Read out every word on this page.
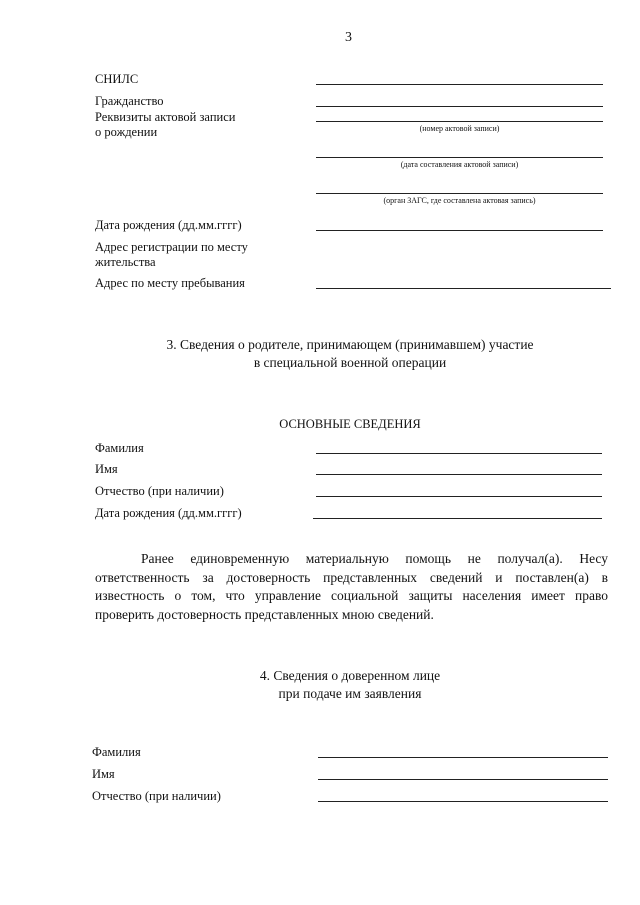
3
СНИЛС
Гражданство
Реквизиты актовой записи
о рождении	(номер актовой записи)
(дата составления актовой записи)
(орган ЗАГС, где составлена актовая запись)
Дата рождения (дд.мм.гггг)
Адрес регистрации по месту
жительства
Адрес по месту пребывания
3. Сведения о родителе, принимающем (принимавшем) участие
в специальной военной операции
ОСНОВНЫЕ СВЕДЕНИЯ
Фамилия
Имя
Отчество (при наличии)
Дата рождения (дд.мм.гггг)

Ранее единовременную материальную помощь не получал(а). Несу

ответственность за достоверность представленных сведений и поставлен(а) в известность о том, что управление социальной защиты населения имеет право проверить достоверность представленных мною сведений.

4. Сведения о доверенном лице
при подаче им заявления
Фамилия
Имя
Отчество (при наличии)
